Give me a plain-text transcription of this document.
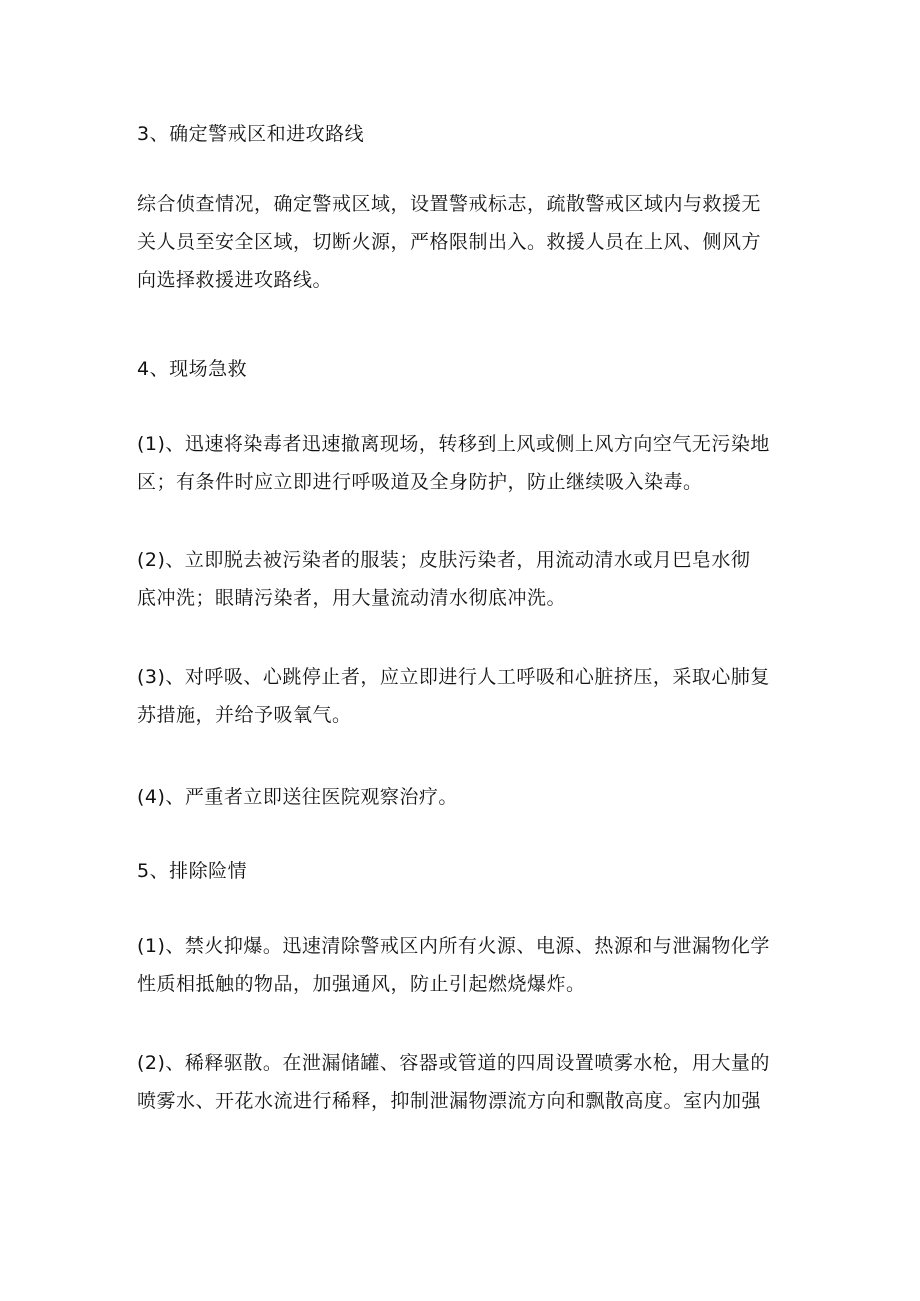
3、确定警戒区和进攻路线

综合侦查情况，确定警戒区域，设置警戒标志，疏散警戒区域内与救援无
关人员至安全区域，切断火源，严格限制出入。救援人员在上风、侧风方
向选择救援进攻路线。

4、现场急救

(1)、迅速将染毒者迅速撤离现场，转移到上风或侧上风方向空气无污染地
区；有条件时应立即进行呼吸道及全身防护，防止继续吸入染毒。

(2)、立即脱去被污染者的服装；皮肤污染者，用流动清水或月巴皂水彻
底冲洗；眼睛污染者，用大量流动清水彻底冲洗。

(3)、对呼吸、心跳停止者，应立即进行人工呼吸和心脏挤压，采取心肺复
苏措施，并给予吸氧气。

(4)、严重者立即送往医院观察治疗。

5、排除险情

(1)、禁火抑爆。迅速清除警戒区内所有火源、电源、热源和与泄漏物化学
性质相抵触的物品，加强通风，防止引起燃烧爆炸。

(2)、稀释驱散。在泄漏储罐、容器或管道的四周设置喷雾水枪，用大量的
喷雾水、开花水流进行稀释，抑制泄漏物漂流方向和飘散高度。室内加强
